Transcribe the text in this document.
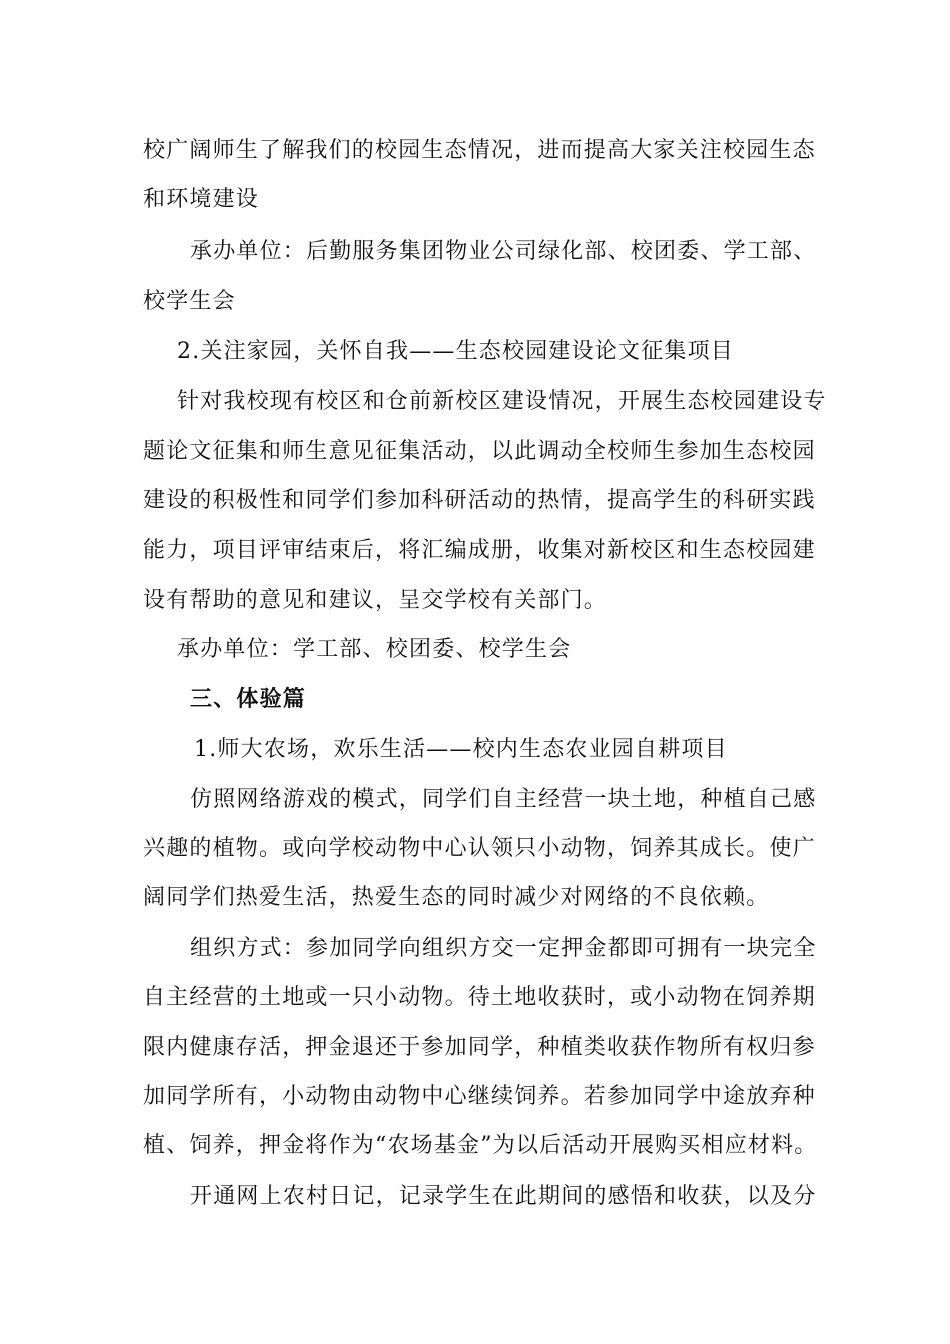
校广阔师生了解我们的校园生态情况，进而提高大家关注校园生态
和环境建设
承办单位：后勤服务集团物业公司绿化部、校团委、学工部、
校学生会
2.关注家园，关怀自我——生态校园建设论文征集项目
针对我校现有校区和仓前新校区建设情况，开展生态校园建设专
题论文征集和师生意见征集活动，以此调动全校师生参加生态校园
建设的积极性和同学们参加科研活动的热情，提高学生的科研实践
能力，项目评审结束后，将汇编成册，收集对新校区和生态校园建
设有帮助的意见和建议，呈交学校有关部门。
承办单位：学工部、校团委、校学生会
三、体验篇
1.师大农场，欢乐生活——校内生态农业园自耕项目
仿照网络游戏的模式，同学们自主经营一块土地，种植自己感
兴趣的植物。或向学校动物中心认领只小动物，饲养其成长。使广
阔同学们热爱生活，热爱生态的同时减少对网络的不良依赖。
组织方式：参加同学向组织方交一定押金都即可拥有一块完全
自主经营的土地或一只小动物。待土地收获时，或小动物在饲养期
限内健康存活，押金退还于参加同学，种植类收获作物所有权归参
加同学所有，小动物由动物中心继续饲养。若参加同学中途放弃种
植、饲养，押金将作为“农场基金”为以后活动开展购买相应材料。
开通网上农村日记，记录学生在此期间的感悟和收获，以及分
